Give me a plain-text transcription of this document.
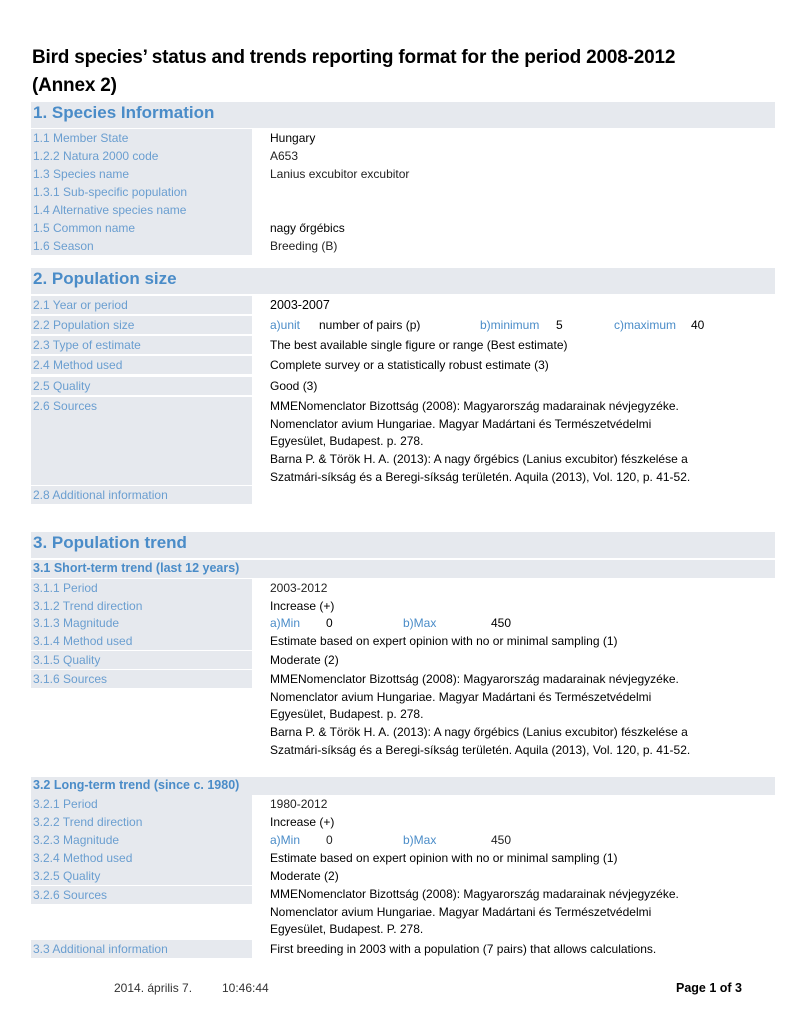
Bird species’ status and trends reporting format for the period 2008-2012
(Annex 2)
1. Species Information
1.1 Member State	Hungary
1.2.2 Natura 2000 code	A653
1.3 Species name	Lanius excubitor excubitor
1.3.1 Sub-specific population
1.4 Alternative species name
1.5 Common name	nagy őrgébics
1.6 Season	Breeding (B)
2. Population size
2.1 Year or period	2003-2007
2.2 Population size	a)unit number of pairs (p)	b)minimum 5	c)maximum 40
2.3 Type of estimate	The best available single figure or range (Best estimate)
2.4 Method used	Complete survey or a statistically robust estimate (3)
2.5 Quality	Good (3)
2.6 Sources	MMENomenclator Bizottság (2008): Magyarország madarainak névjegyzéke.
Nomenclator avium Hungariae. Magyar Madártani és Természetvédelmi
Egyesület, Budapest. p. 278.
Barna P. & Török H. A. (2013): A nagy őrgébics (Lanius excubitor) fészkelése a
Szatmári-síkság és a Beregi-síkság területén. Aquila (2013), Vol. 120, p. 41-52.
2.8 Additional information
3. Population trend
3.1 Short-term trend (last 12 years)
3.1.1 Period	2003-2012
3.1.2 Trend direction	Increase (+)
3.1.3 Magnitude	a)Min 0	b)Max	450
3.1.4 Method used	Estimate based on expert opinion with no or minimal sampling (1)
3.1.5 Quality	Moderate (2)
3.1.6 Sources	MMENomenclator Bizottság (2008): Magyarország madarainak névjegyzéke.
Nomenclator avium Hungariae. Magyar Madártani és Természetvédelmi
Egyesület, Budapest. p. 278.
Barna P. & Török H. A. (2013): A nagy őrgébics (Lanius excubitor) fészkelése a
Szatmári-síkság és a Beregi-síkság területén. Aquila (2013), Vol. 120, p. 41-52.
3.2 Long-term trend (since c. 1980)
3.2.1 Period	1980-2012
3.2.2 Trend direction	Increase (+)
3.2.3 Magnitude	a)Min 0	b)Max	450
3.2.4 Method used	Estimate based on expert opinion with no or minimal sampling (1)
3.2.5 Quality	Moderate (2)
3.2.6 Sources	MMENomenclator Bizottság (2008): Magyarország madarainak névjegyzéke.
Nomenclator avium Hungariae. Magyar Madártani és Természetvédelmi
Egyesület, Budapest. P. 278.
3.3 Additional information	First breeding in 2003 with a population (7 pairs) that allows calculations.
2014. április 7. 10:46:44	Page 1 of 3
